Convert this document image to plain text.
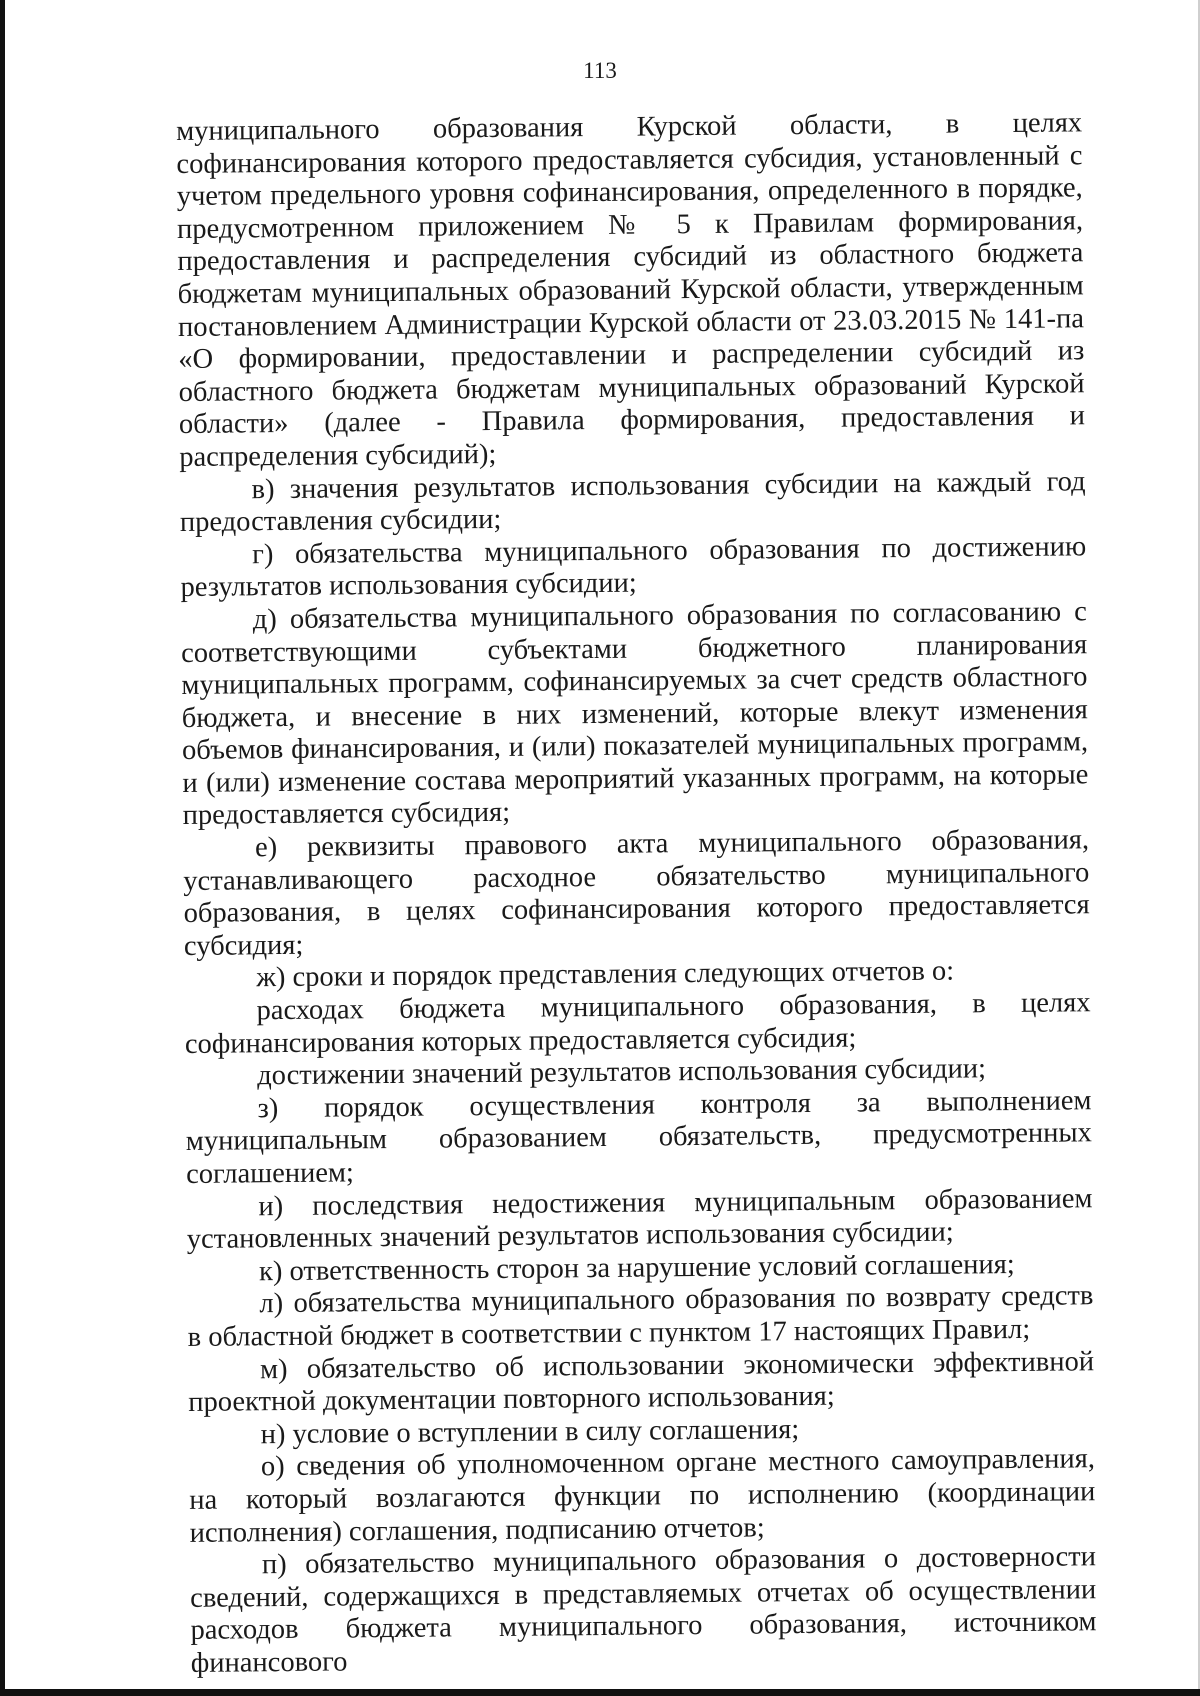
113

муниципального образования Курской области, в целях софинансирования которого предоставляется субсидия, установленный с учетом предельного уровня софинансирования, определенного в порядке, предусмотренном приложением № 5 к Правилам формирования, предоставления и распределения субсидий из областного бюджета бюджетам муниципальных образований Курской области, утвержденным постановлением Администрации Курской области от 23.03.2015 № 141-па «О формировании, предоставлении и распределении субсидий из областного бюджета бюджетам муниципальных образований Курской области» (далее - Правила формирования, предоставления и распределения субсидий);

в) значения результатов использования субсидии на каждый год предоставления субсидии;

г) обязательства муниципального образования по достижению результатов использования субсидии;

д) обязательства муниципального образования по согласованию с соответствующими субъектами бюджетного планирования муниципальных программ, софинансируемых за счет средств областного бюджета, и внесение в них изменений, которые влекут изменения объемов финансирования, и (или) показателей муниципальных программ, и (или) изменение состава мероприятий указанных программ, на которые предоставляется субсидия;

е) реквизиты правового акта муниципального образования, устанавливающего расходное обязательство муниципального образования, в целях софинансирования которого предоставляется субсидия;

ж) сроки и порядок представления следующих отчетов о:

расходах бюджета муниципального образования, в целях софинансирования которых предоставляется субсидия;

достижении значений результатов использования субсидии;

з) порядок осуществления контроля за выполнением муниципальным образованием обязательств, предусмотренных соглашением;

и) последствия недостижения муниципальным образованием установленных значений результатов использования субсидии;

к) ответственность сторон за нарушение условий соглашения;

л) обязательства муниципального образования по возврату средств в областной бюджет в соответствии с пунктом 17 настоящих Правил;

м) обязательство об использовании экономически эффективной проектной документации повторного использования;

н) условие о вступлении в силу соглашения;

о) сведения об уполномоченном органе местного самоуправления, на который возлагаются функции по исполнению (координации исполнения) соглашения, подписанию отчетов;

п) обязательство муниципального образования о достоверности сведений, содержащихся в представляемых отчетах об осуществлении расходов бюджета муниципального образования, источником финансового
